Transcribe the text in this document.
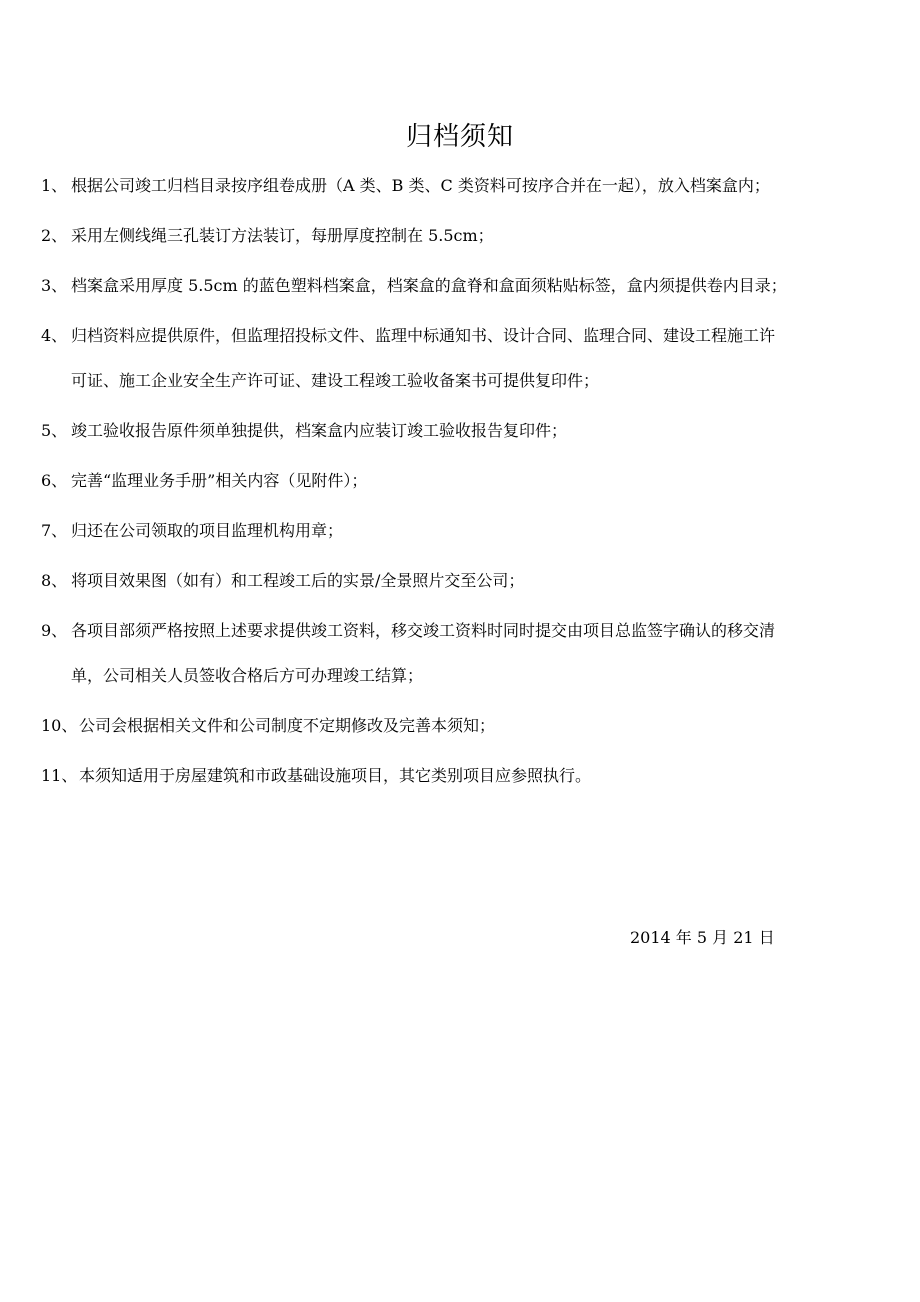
归档须知
1、 根据公司竣工归档目录按序组卷成册（A 类、B 类、C 类资料可按序合并在一起），放入档案盒内；
2、 采用左侧线绳三孔装订方法装订，每册厚度控制在 5.5cm；
3、 档案盒采用厚度 5.5cm 的蓝色塑料档案盒，档案盒的盒脊和盒面须粘贴标签，盒内须提供卷内目录；
4、 归档资料应提供原件，但监理招投标文件、监理中标通知书、设计合同、监理合同、建设工程施工许
可证、施工企业安全生产许可证、建设工程竣工验收备案书可提供复印件；
5、 竣工验收报告原件须单独提供，档案盒内应装订竣工验收报告复印件；
6、 完善“监理业务手册”相关内容（见附件）；
7、 归还在公司领取的项目监理机构用章；
8、 将项目效果图（如有）和工程竣工后的实景/全景照片交至公司；
9、 各项目部须严格按照上述要求提供竣工资料，移交竣工资料时同时提交由项目总监签字确认的移交清
单，公司相关人员签收合格后方可办理竣工结算；
10、 公司会根据相关文件和公司制度不定期修改及完善本须知；
11、 本须知适用于房屋建筑和市政基础设施项目，其它类别项目应参照执行。

2014 年 5 月 21 日
